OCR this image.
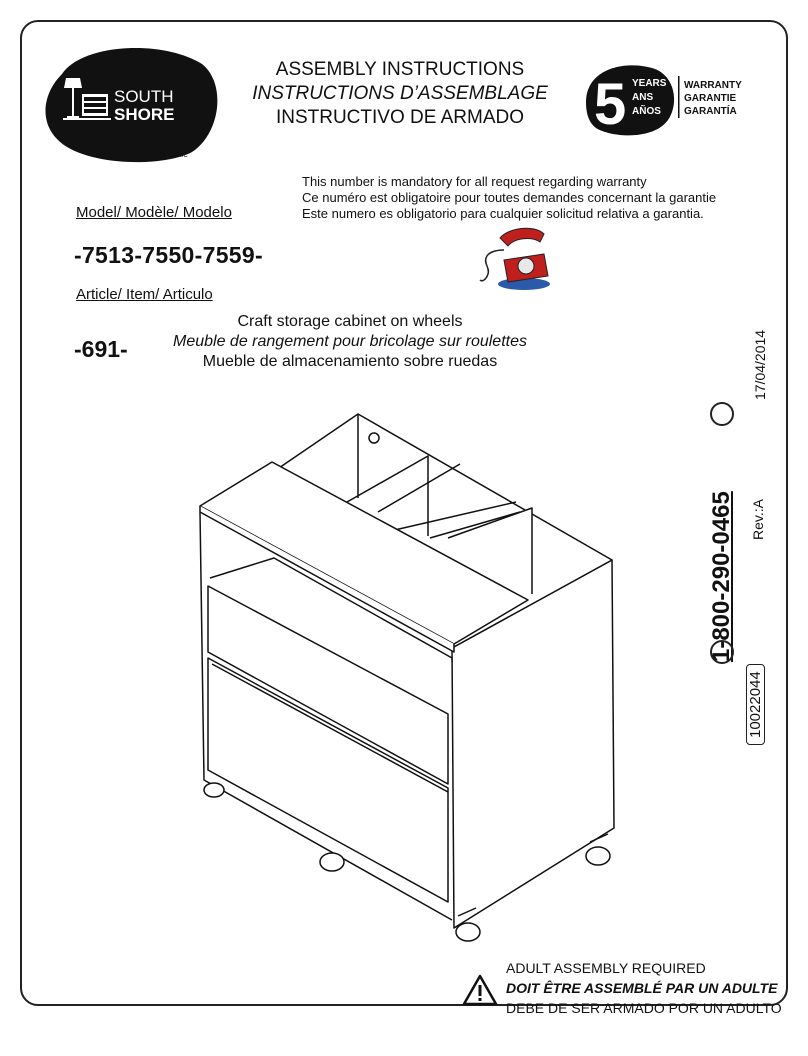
SOUTH
SHORE
TM/MC
ASSEMBLY INSTRUCTIONS
INSTRUCTIONS D’ASSEMBLAGE
INSTRUCTIVO DE ARMADO	5 YEARS
ANS
AÑOS
WARRANTY
GARANTIE
GARANTÍA
This number is mandatory for all request regarding warranty
Ce numéro est obligatoire pour toutes demandes concernant la garantie
Este numero es obligatorio para cualquier solicitud relativa a garantia.
Model/ Modèle/ Modelo
-7513-7550-7559-
Article/ Item/ Articulo
-691-
Craft storage cabinet on wheels
Meuble de rangement pour bricolage sur roulettes
Mueble de almacenamiento sobre ruedas
10022044
1-800-290-0465 Rev.:A
17/04/2014
ADULT ASSEMBLY REQUIRED
DOIT ÊTRE ASSEMBLÉ PAR UN ADULTE
DEBE DE SER ARMADO POR UN ADULTO
